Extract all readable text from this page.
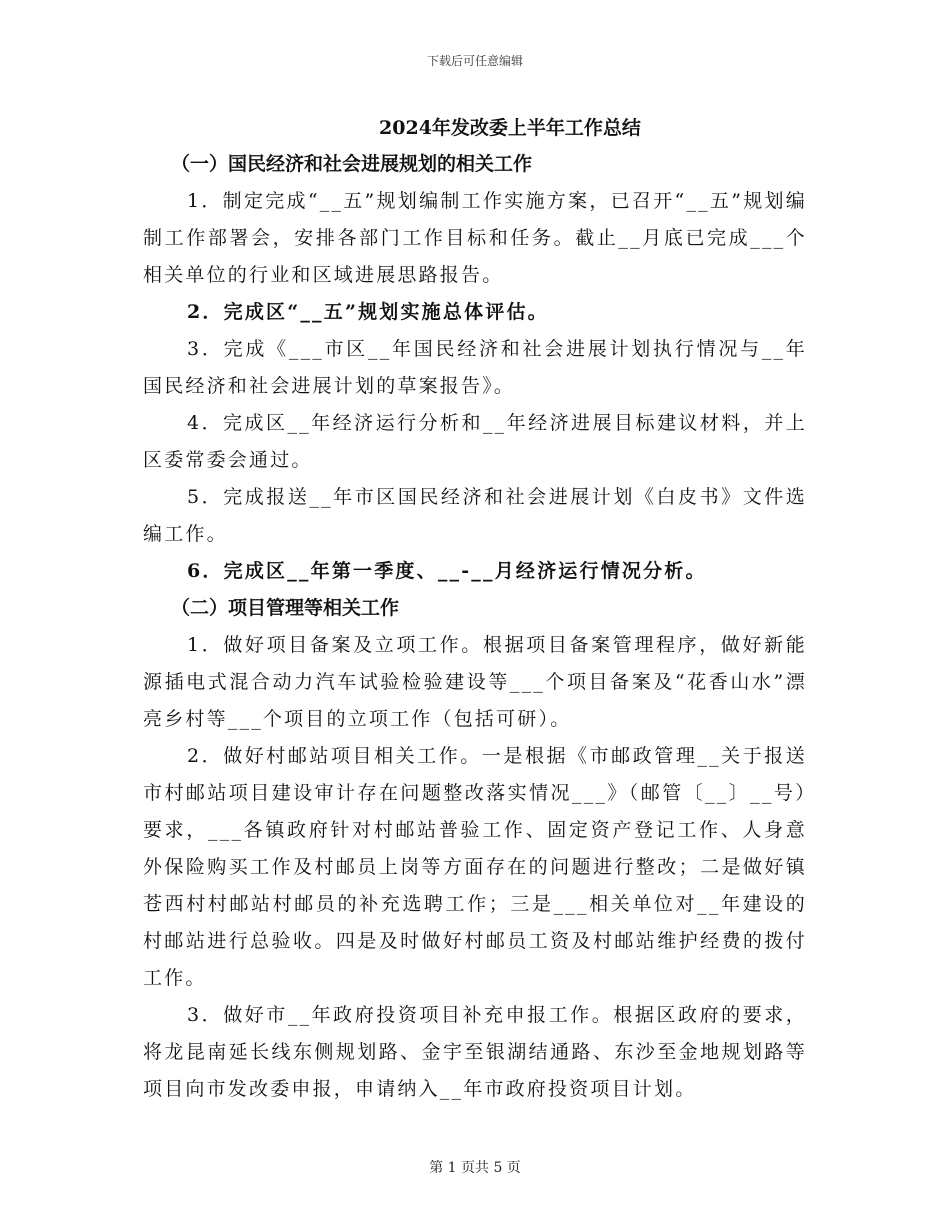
下载后可任意编辑
2024年发改委上半年工作总结
（一）国民经济和社会进展规划的相关工作

1．制定完成“__五”规划编制工作实施方案，已召开“__五”规划编制工作部署会，安排各部门工作目标和任务。截止__月底已完成___个相关单位的行业和区域进展思路报告。

2．完成区“__五”规划实施总体评估。

3．完成《___市区__年国民经济和社会进展计划执行情况与__年国民经济和社会进展计划的草案报告》。

4．完成区__年经济运行分析和__年经济进展目标建议材料，并上区委常委会通过。

5．完成报送__年市区国民经济和社会进展计划《白皮书》文件选编工作。

6．完成区__年第一季度、__-__月经济运行情况分析。

（二）项目管理等相关工作

1．做好项目备案及立项工作。根据项目备案管理程序，做好新能源插电式混合动力汽车试验检验建设等___个项目备案及“花香山水”漂亮乡村等___个项目的立项工作（包括可研）。

2．做好村邮站项目相关工作。一是根据《市邮政管理__关于报送市村邮站项目建设审计存在问题整改落实情况___》（邮管〔__〕__号）要求，___各镇政府针对村邮站普验工作、固定资产登记工作、人身意外保险购买工作及村邮员上岗等方面存在的问题进行整改；二是做好镇苍西村村邮站村邮员的补充选聘工作；三是___相关单位对__年建设的村邮站进行总验收。四是及时做好村邮员工资及村邮站维护经费的拨付工作。

3．做好市__年政府投资项目补充申报工作。根据区政府的要求，将龙昆南延长线东侧规划路、金宇至银湖结通路、东沙至金地规划路等项目向市发改委申报，申请纳入__年市政府投资项目计划。

第 1 页共 5 页
